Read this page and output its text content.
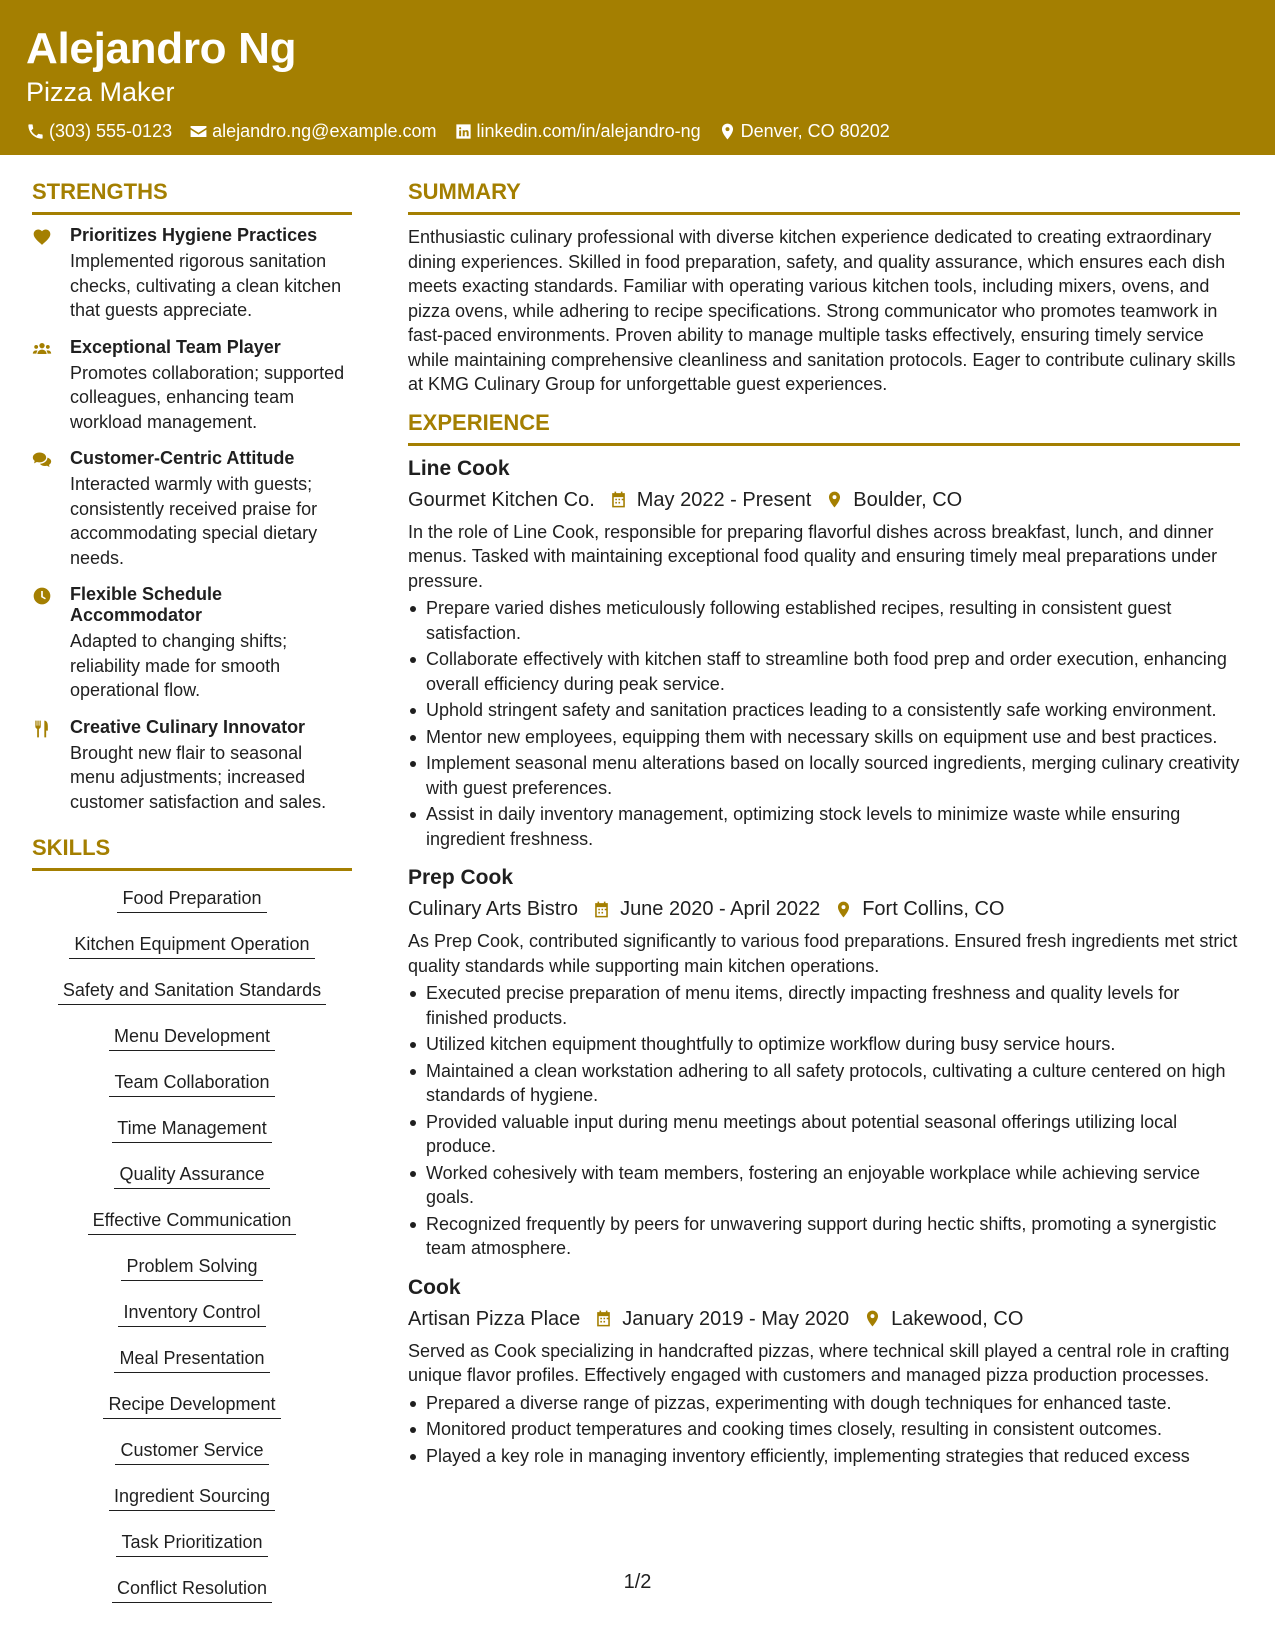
Alejandro Ng
Pizza Maker
(303) 555-0123 alejandro.ng@example.com linkedin.com/in/alejandro-ng Denver, CO 80202
STRENGTHS
Prioritizes Hygiene Practices
Implemented rigorous sanitation checks, cultivating a clean kitchen that guests appreciate.
Exceptional Team Player
Promotes collaboration; supported colleagues, enhancing team workload management.
Customer-Centric Attitude
Interacted warmly with guests; consistently received praise for accommodating special dietary needs.
Flexible Schedule Accommodator
Adapted to changing shifts; reliability made for smooth operational flow.
Creative Culinary Innovator
Brought new flair to seasonal menu adjustments; increased customer satisfaction and sales.
SKILLS
Food Preparation
Kitchen Equipment Operation
Safety and Sanitation Standards
Menu Development
Team Collaboration
Time Management
Quality Assurance
Effective Communication
Problem Solving
Inventory Control
Meal Presentation
Recipe Development
Customer Service
Ingredient Sourcing
Task Prioritization
Conflict Resolution
SUMMARY
Enthusiastic culinary professional with diverse kitchen experience dedicated to creating extraordinary dining experiences. Skilled in food preparation, safety, and quality assurance, which ensures each dish meets exacting standards. Familiar with operating various kitchen tools, including mixers, ovens, and pizza ovens, while adhering to recipe specifications. Strong communicator who promotes teamwork in fast-paced environments. Proven ability to manage multiple tasks effectively, ensuring timely service while maintaining comprehensive cleanliness and sanitation protocols. Eager to contribute culinary skills at KMG Culinary Group for unforgettable guest experiences.
EXPERIENCE
Line Cook
Gourmet Kitchen Co. May 2022 - Present Boulder, CO
In the role of Line Cook, responsible for preparing flavorful dishes across breakfast, lunch, and dinner menus. Tasked with maintaining exceptional food quality and ensuring timely meal preparations under pressure.
Prepare varied dishes meticulously following established recipes, resulting in consistent guest satisfaction.
Collaborate effectively with kitchen staff to streamline both food prep and order execution, enhancing overall efficiency during peak service.
Uphold stringent safety and sanitation practices leading to a consistently safe working environment.
Mentor new employees, equipping them with necessary skills on equipment use and best practices.
Implement seasonal menu alterations based on locally sourced ingredients, merging culinary creativity with guest preferences.
Assist in daily inventory management, optimizing stock levels to minimize waste while ensuring ingredient freshness.
Prep Cook
Culinary Arts Bistro June 2020 - April 2022 Fort Collins, CO
As Prep Cook, contributed significantly to various food preparations. Ensured fresh ingredients met strict quality standards while supporting main kitchen operations.
Executed precise preparation of menu items, directly impacting freshness and quality levels for finished products.
Utilized kitchen equipment thoughtfully to optimize workflow during busy service hours.
Maintained a clean workstation adhering to all safety protocols, cultivating a culture centered on high standards of hygiene.
Provided valuable input during menu meetings about potential seasonal offerings utilizing local produce.
Worked cohesively with team members, fostering an enjoyable workplace while achieving service goals.
Recognized frequently by peers for unwavering support during hectic shifts, promoting a synergistic team atmosphere.
Cook
Artisan Pizza Place January 2019 - May 2020 Lakewood, CO
Served as Cook specializing in handcrafted pizzas, where technical skill played a central role in crafting unique flavor profiles. Effectively engaged with customers and managed pizza production processes.
Prepared a diverse range of pizzas, experimenting with dough techniques for enhanced taste.
Monitored product temperatures and cooking times closely, resulting in consistent outcomes.
Played a key role in managing inventory efficiently, implementing strategies that reduced excess
1/2
